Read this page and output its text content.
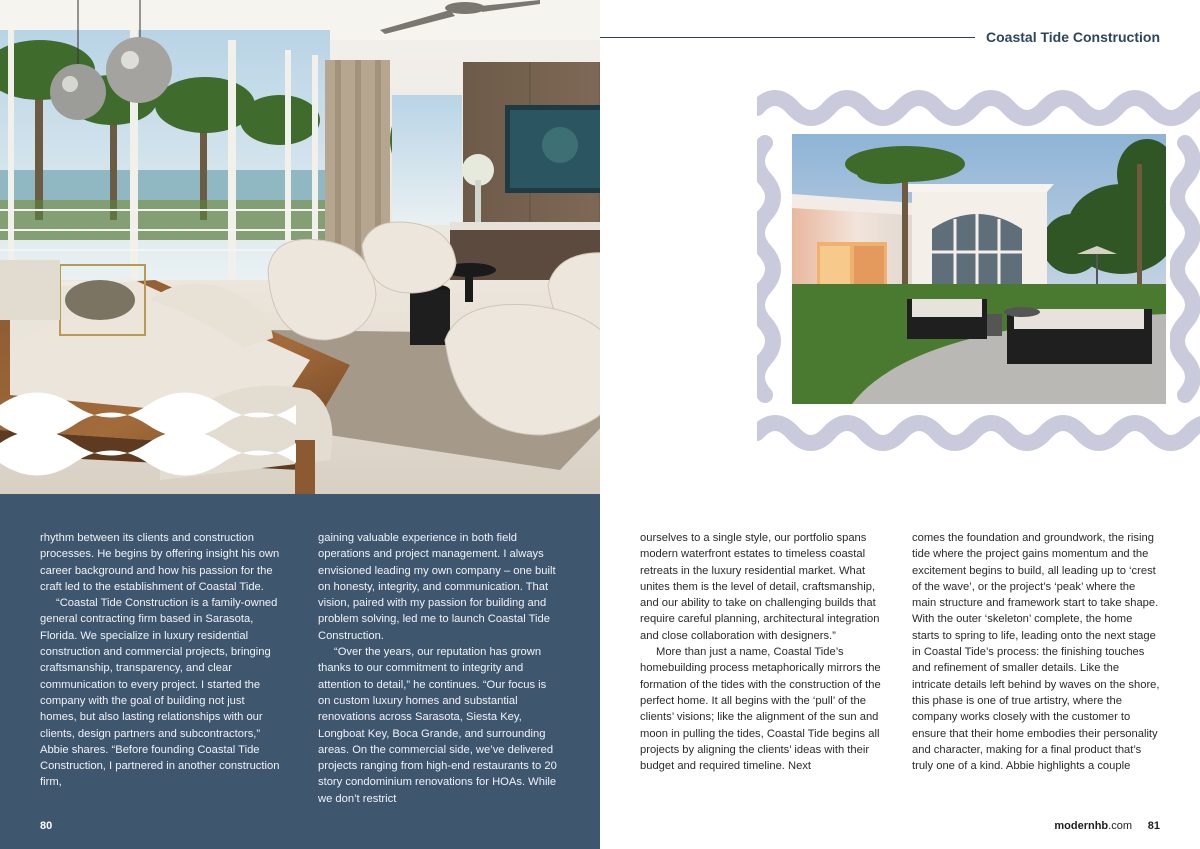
rhythm between its clients and construction processes. He begins by offering insight his own career background and how his passion for the craft led to the establishment of Coastal Tide.

“Coastal Tide Construction is a family-owned general contracting firm based in Sarasota, Florida. We specialize in luxury residential construction and commercial projects, bringing craftsmanship, transparency, and clear communication to every project. I started the company with the goal of building not just homes, but also lasting relationships with our clients, design partners and subcontractors,” Abbie shares. “Before founding Coastal Tide Construction, I partnered in another construction firm,

gaining valuable experience in both field operations and project management. I always envisioned leading my own company – one built on honesty, integrity, and communication. That vision, paired with my passion for building and problem solving, led me to launch Coastal Tide Construction.

“Over the years, our reputation has grown thanks to our commitment to integrity and attention to detail,” he continues. “Our focus is on custom luxury homes and substantial renovations across Sarasota, Siesta Key, Longboat Key, Boca Grande, and surrounding areas. On the commercial side, we’ve delivered projects ranging from high-end restaurants to 20 story condominium renovations for HOAs. While we don’t restrict

80
Coastal Tide Construction

ourselves to a single style, our portfolio spans modern waterfront estates to timeless coastal retreats in the luxury residential market. What unites them is the level of detail, craftsmanship, and our ability to take on challenging builds that require careful planning, architectural integration and close collaboration with designers.”

More than just a name, Coastal Tide’s homebuilding process metaphorically mirrors the formation of the tides with the construction of the perfect home. It all begins with the ‘pull’ of the clients’ visions; like the alignment of the sun and moon in pulling the tides, Coastal Tide begins all projects by aligning the clients’ ideas with their budget and required timeline. Next

comes the foundation and groundwork, the rising tide where the project gains momentum and the excitement begins to build, all leading up to ‘crest of the wave’, or the project’s ‘peak’ where the main structure and framework start to take shape. With the outer ‘skeleton’ complete, the home starts to spring to life, leading onto the next stage in Coastal Tide’s process: the finishing touches and refinement of smaller details. Like the intricate details left behind by waves on the shore, this phase is one of true artistry, where the company works closely with the customer to ensure that their home embodies their personality and character, making for a final product that’s truly one of a kind. Abbie highlights a couple

modernhb.com 81
